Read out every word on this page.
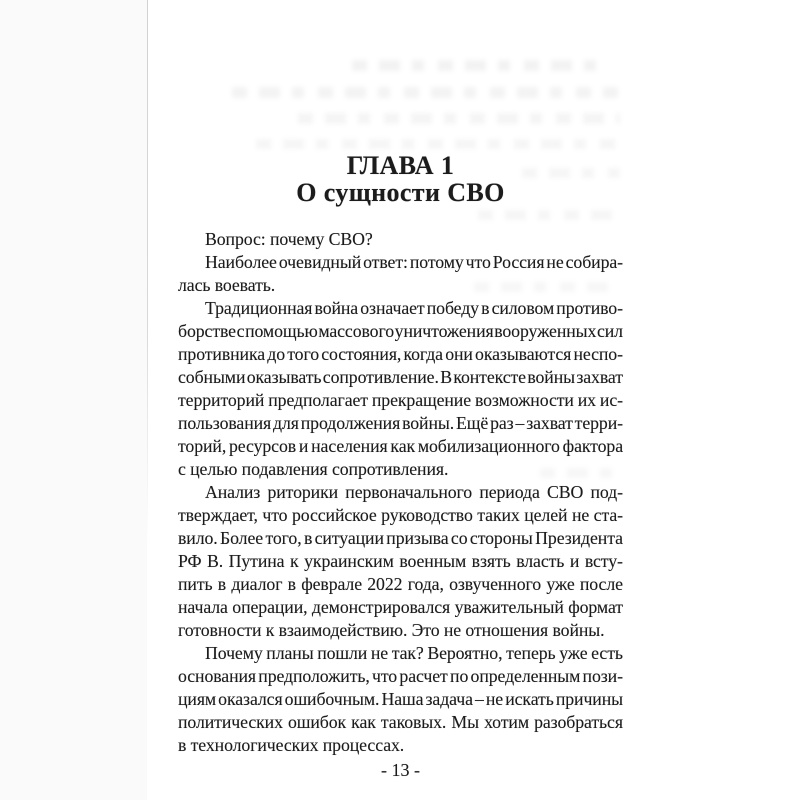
ГЛАВА 1
О сущности СВО
Вопрос: почему СВО?
Наиболее очевидный ответ: потому что Россия не собира-
лась воевать.
Традиционная война означает победу в силовом противо-
борстве с помощью массового уничтожения вооруженных сил
противника до того состояния, когда они оказываются неспо-
собными оказывать сопротивление. В контексте войны захват
территорий предполагает прекращение возможности их ис-
пользования для продолжения войны. Ещё раз – захват терри-
торий, ресурсов и населения как мобилизационного фактора
с целью подавления сопротивления.
Анализ риторики первоначального периода СВО под-
тверждает, что российское руководство таких целей не ста-
вило. Более того, в ситуации призыва со стороны Президента
РФ В. Путина к украинским военным взять власть и всту-
пить в диалог в феврале 2022 года, озвученного уже после
начала операции, демонстрировался уважительный формат
готовности к взаимодействию. Это не отношения войны.
Почему планы пошли не так? Вероятно, теперь уже есть
основания предположить, что расчет по определенным пози-
циям оказался ошибочным. Наша задача – не искать причины
политических ошибок как таковых. Мы хотим разобраться
в технологических процессах.
- 13 -
